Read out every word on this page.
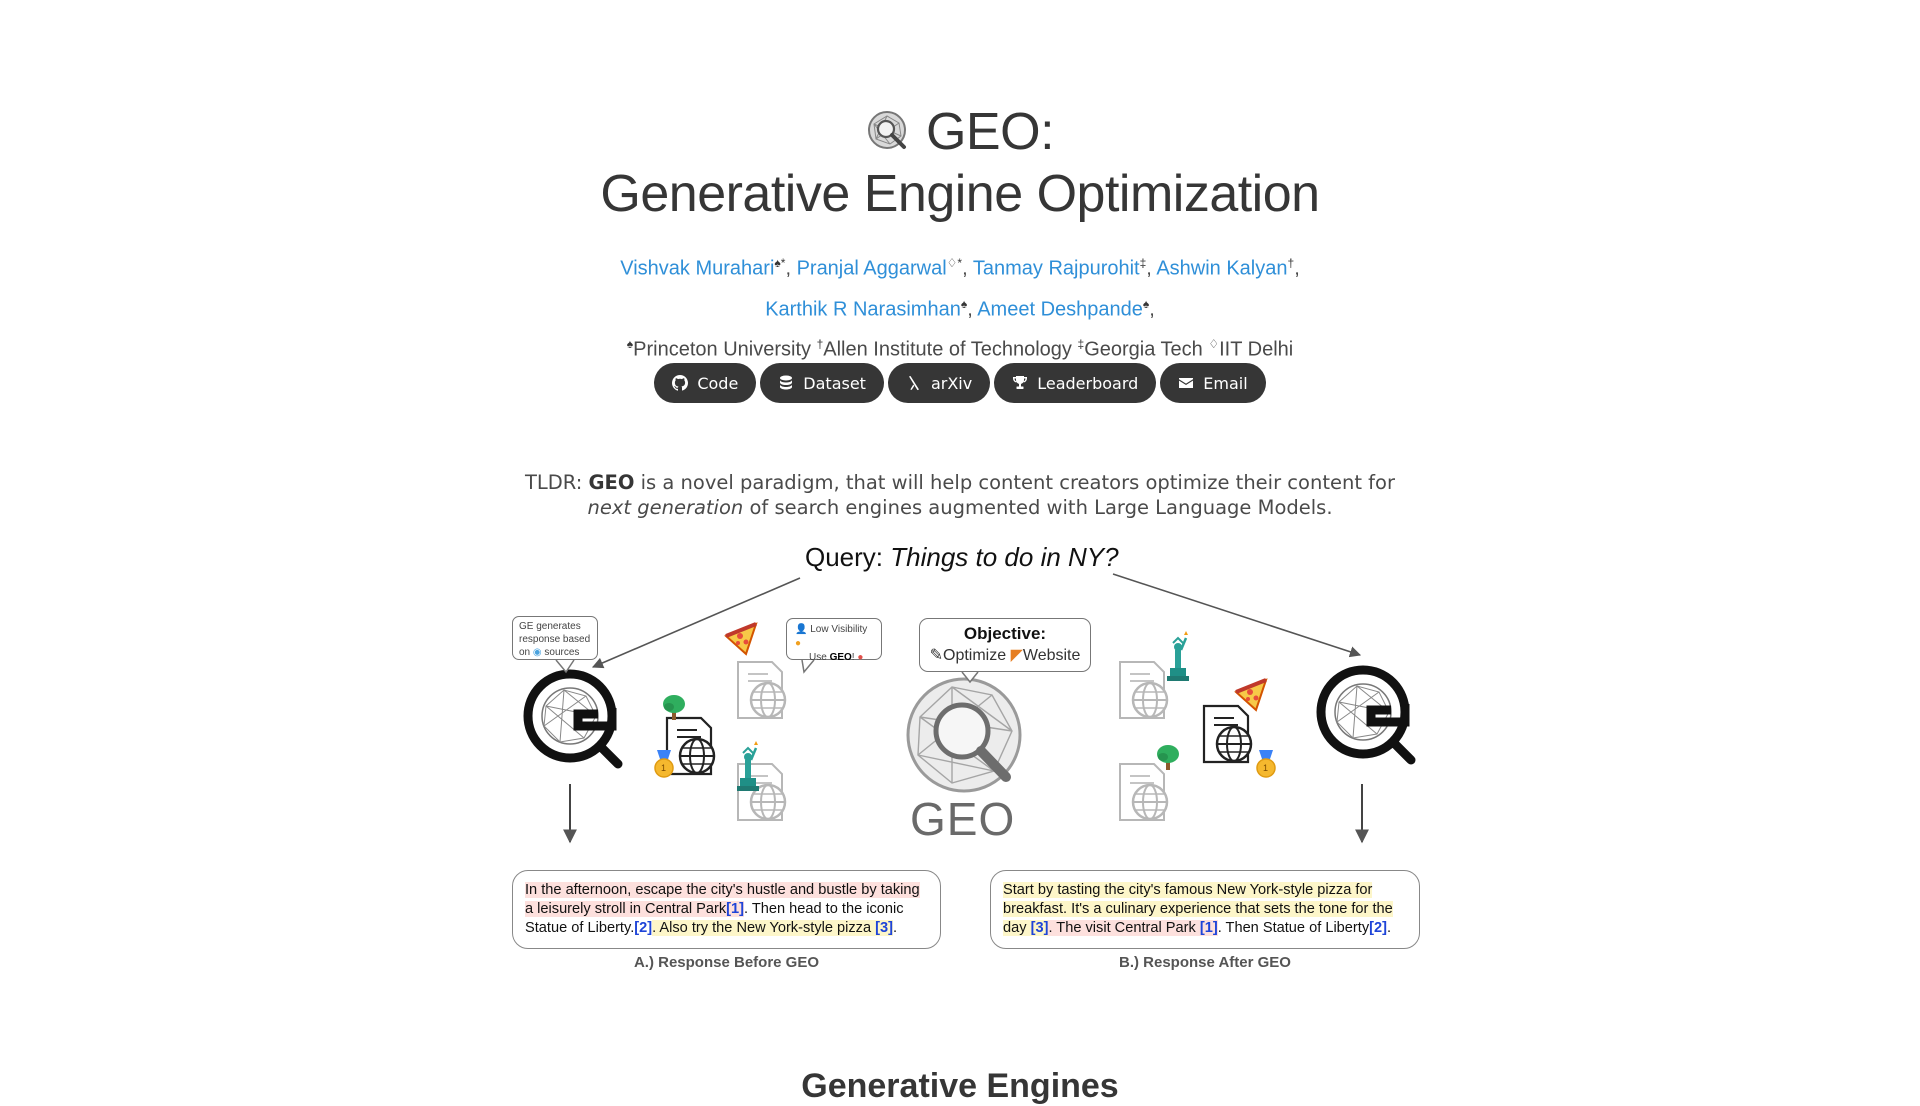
GEO:
Generative Engine Optimization
Vishvak Murahari♠*, Pranjal Aggarwal♢*, Tanmay Rajpurohit‡, Ashwin Kalyan†,
Karthik R Narasimhan♠, Ameet Deshpande♠,
♠Princeton University †Allen Institute of Technology ‡Georgia Tech ♢IIT Delhi
Code
	Dataset
	arXiv
	Leaderboard
	Email
TLDR: GEO is a novel paradigm, that will help content creators optimize their content for
next generation of search engines augmented with Large Language Models.
Query: Things to do in NY?
GE generates
response based
on ◉ sources
👤 Low Visibility ●
Use GEO! ●
Objective:
✎Optimize ◤Website
GEO
1	1
In the afternoon, escape the city's hustle and bustle by taking a leisurely stroll in Central Park[1]. Then head to the iconic Statue of Liberty.[2]. Also try the New York-style pizza [3].
A.) Response Before GEO
Start by tasting the city's famous New York-style pizza for breakfast. It's a culinary experience that sets the tone for the day [3]. The visit Central Park [1]. Then Statue of Liberty[2].
B.) Response After GEO
Generative Engines
